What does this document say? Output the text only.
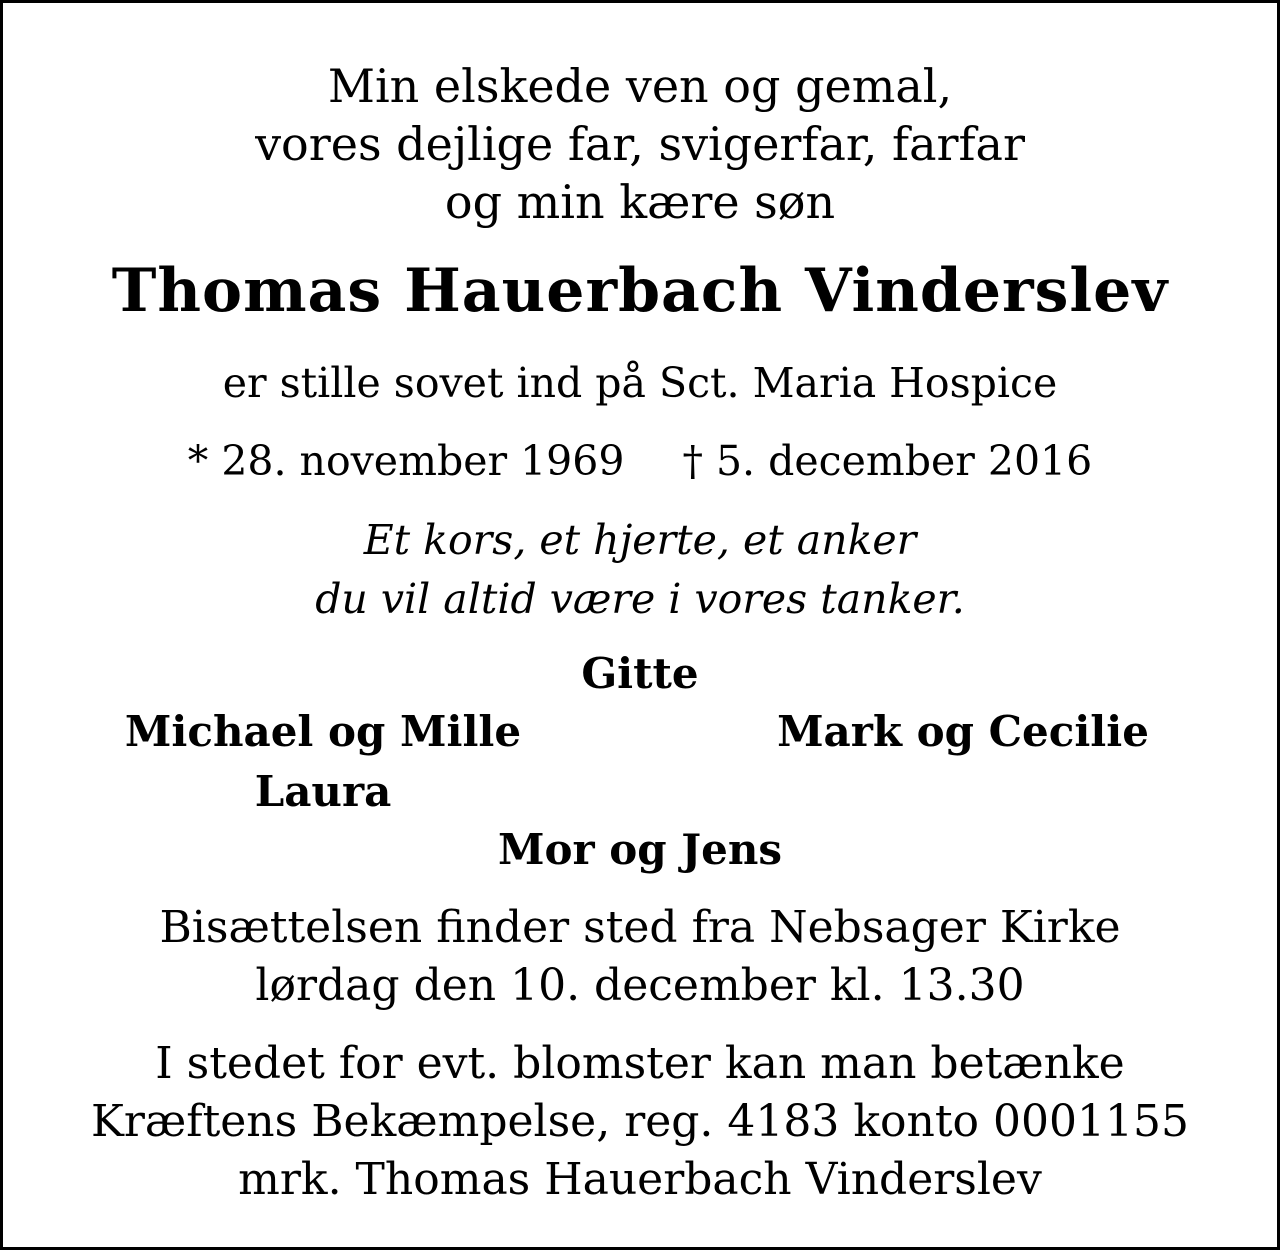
Min elskede ven og gemal,
vores dejlige far, svigerfar, farfar
og min kære søn
Thomas Hauerbach Vinderslev
er stille sovet ind på Sct. Maria Hospice
* 28. november 1969 † 5. december 2016
Et kors, et hjerte, et anker
du vil altid være i vores tanker.
Gitte
Michael og Mille
Laura
Mark og Cecilie
Mor og Jens
Bisættelsen finder sted fra Nebsager Kirke
lørdag den 10. december kl. 13.30
I stedet for evt. blomster kan man betænke
Kræftens Bekæmpelse, reg. 4183 konto 0001155
mrk. Thomas Hauerbach Vinderslev
